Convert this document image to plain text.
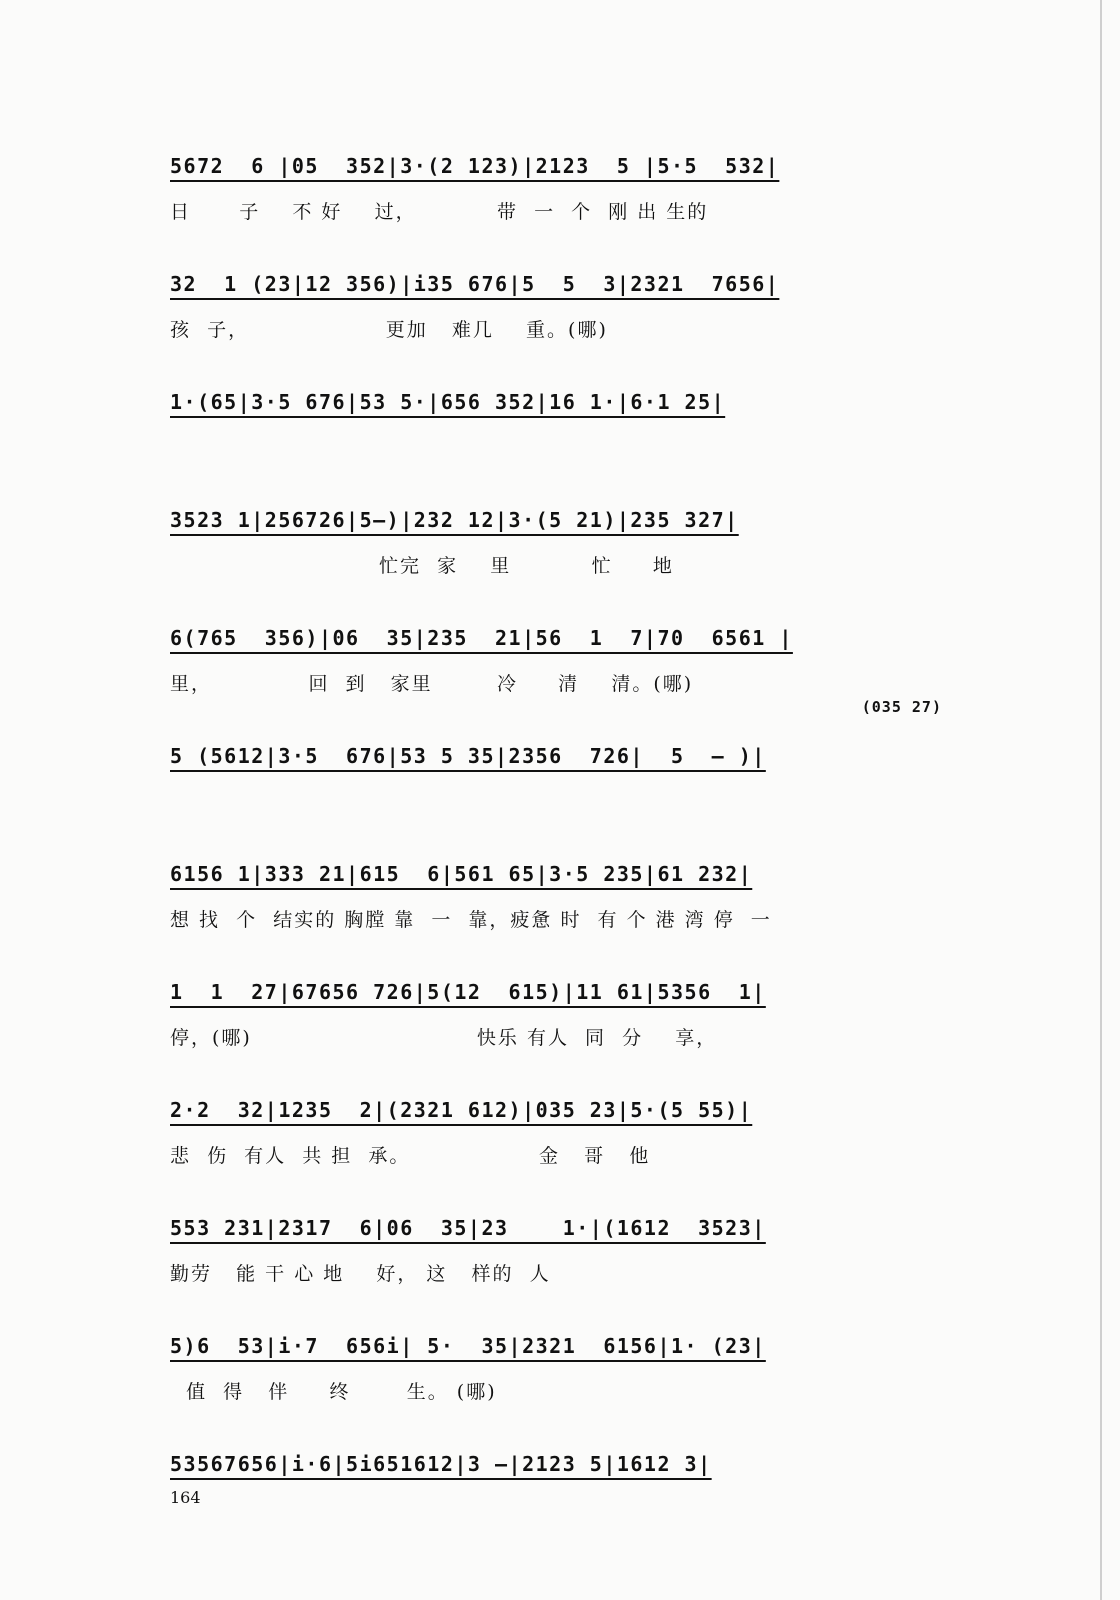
5672  6 |05  352|3·(2 123)|2123  5 |5·5  532|
日      子    不 好    过，          带  一  个  刚 出 生的
32  1 (23|12 356)|i35 676|5  5  3|2321  7656|
孩  子，                 更加   难几    重。(哪)
1·(65|3·5 676|53 5·|656 352|16 1·|6·1 25|
3523 1|256726|5—)|232 12|3·(5 21)|235 327|
忙完  家    里          忙     地
6(765  356)|06  35|235  21|56  1  7|70  6561 |
里，            回  到   家里        冷     清    清。(哪)
(035 27)
5 (5612|3·5  676|53 5 35|2356  726|  5  — )|
6156 1|333 21|615  6|561 65|3·5 235|61 232|
想 找  个  结实的 胸膛 靠  一  靠，疲惫 时  有 个 港 湾 停  一
1  1  27|67656 726|5(12  615)|11 61|5356  1|
停，(哪)                            快乐 有人  同  分    享，
2·2  32|1235  2|(2321 612)|035 23|5·(5 55)|
悲  伤  有人  共 担  承。                金   哥   他
553 231|2317  6|06  35|23    1·|(1612  3523|
勤劳   能 干 心 地    好， 这   样的  人
5)6  53|i·7  656i| 5·  35|2321  6156|1· (23|
值  得   伴     终       生。 (哪)
53567656|i·6|5i651612|3 —|2123 5|1612 3|
164
